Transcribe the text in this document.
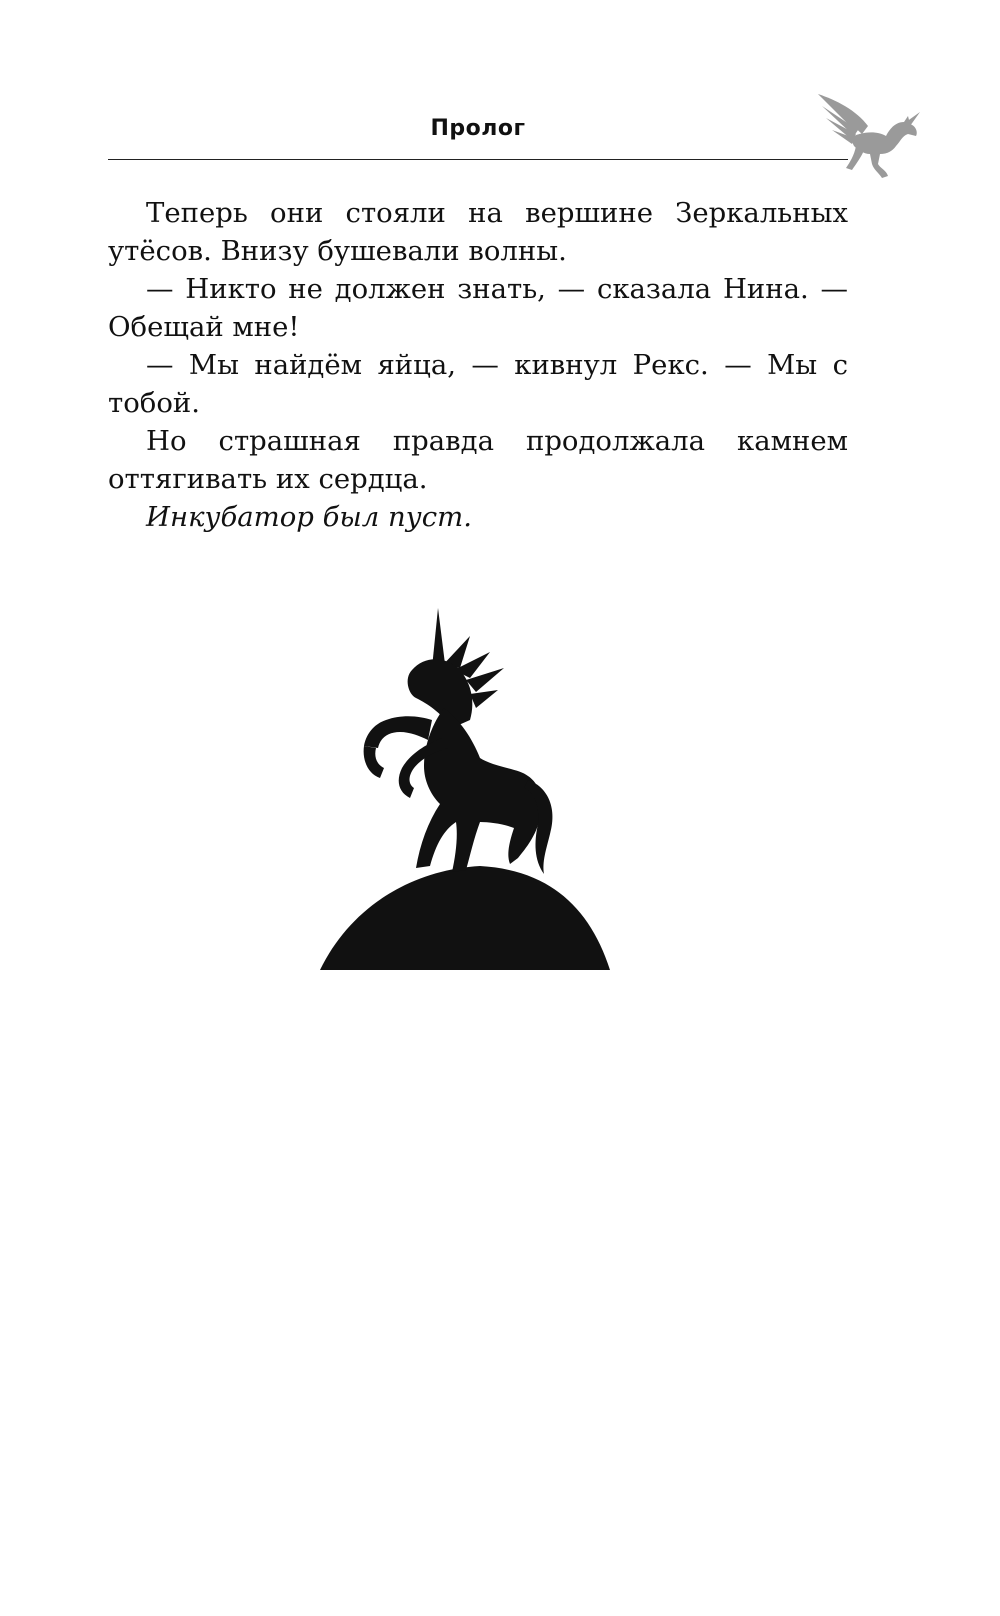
Пролог

Теперь они стояли на вершине Зеркальных утёсов. Внизу бушевали волны.

— Никто не должен знать, — сказала Нина. — Обещай мне!

— Мы найдём яйца, — кивнул Рекс. — Мы с тобой.

Но страшная правда продолжала камнем оттягивать их сердца.

Инкубатор был пуст.
